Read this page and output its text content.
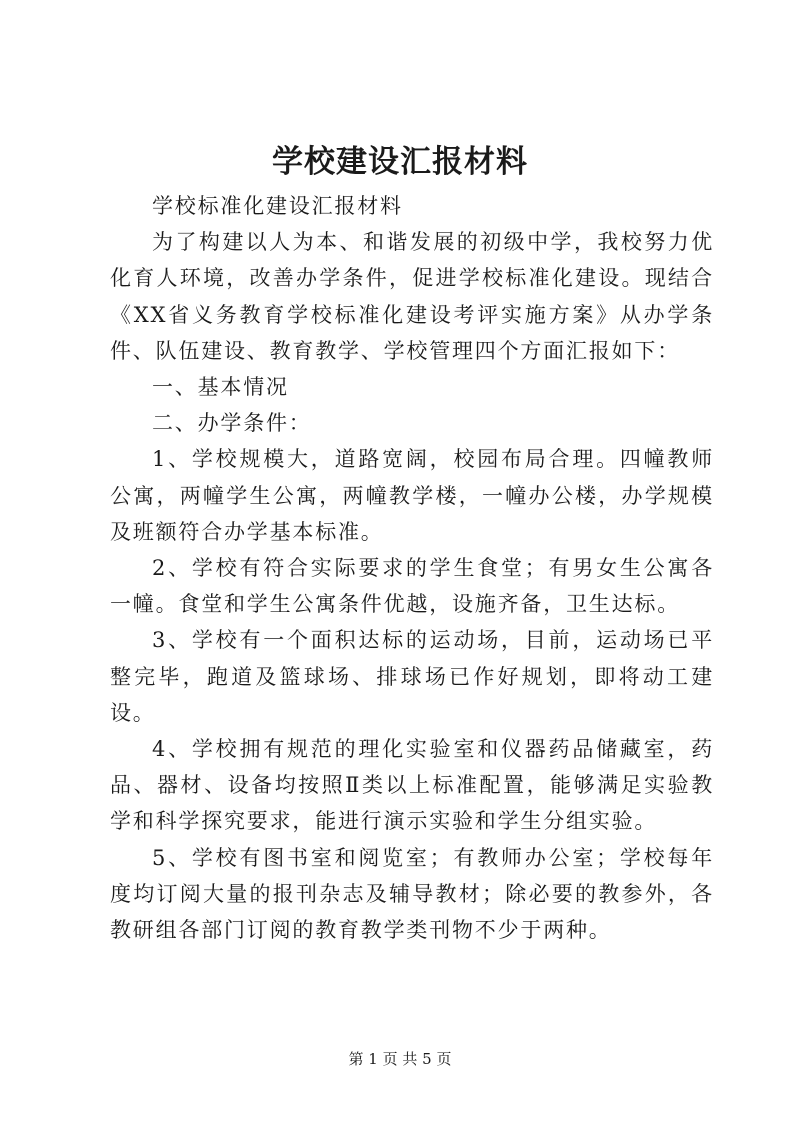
学校建设汇报材料

学校标准化建设汇报材料

为了构建以人为本、和谐发展的初级中学，我校努力优化育人环境，改善办学条件，促进学校标准化建设。现结合《XX省义务教育学校标准化建设考评实施方案》从办学条件、队伍建设、教育教学、学校管理四个方面汇报如下：

一、基本情况

二、办学条件：

1、学校规模大，道路宽阔，校园布局合理。四幢教师公寓，两幢学生公寓，两幢教学楼，一幢办公楼，办学规模及班额符合办学基本标准。

2、学校有符合实际要求的学生食堂；有男女生公寓各一幢。食堂和学生公寓条件优越，设施齐备，卫生达标。

3、学校有一个面积达标的运动场，目前，运动场已平整完毕，跑道及篮球场、排球场已作好规划，即将动工建设。

4、学校拥有规范的理化实验室和仪器药品储藏室，药品、器材、设备均按照Ⅱ类以上标准配置，能够满足实验教学和科学探究要求，能进行演示实验和学生分组实验。

5、学校有图书室和阅览室；有教师办公室；学校每年度均订阅大量的报刊杂志及辅导教材；除必要的教参外，各教研组各部门订阅的教育教学类刊物不少于两种。

第 1 页 共 5 页
